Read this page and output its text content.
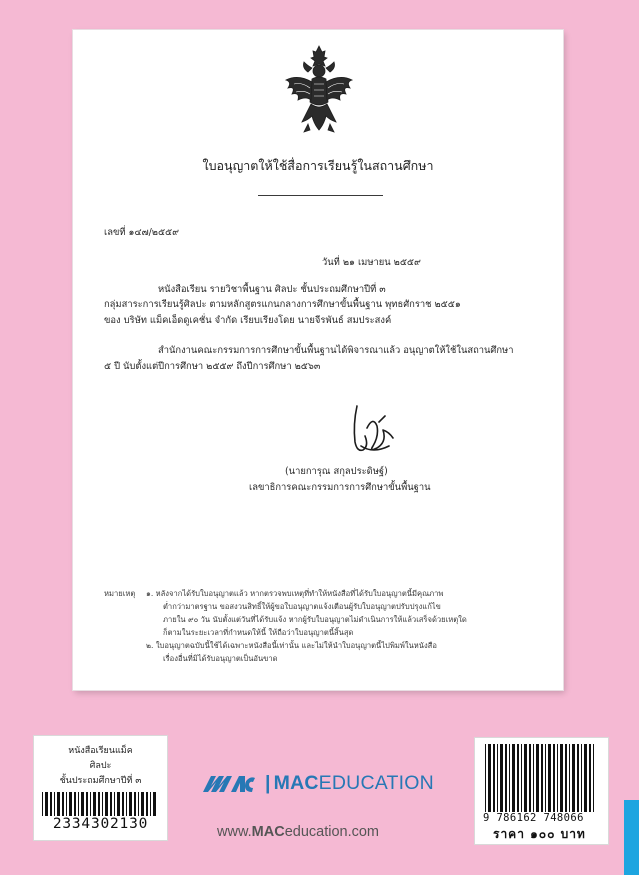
ใบอนุญาตให้ใช้สื่อการเรียนรู้ในสถานศึกษา
เลขที่ ๑๔๗/๒๕๕๙
วันที่ ๒๑ เมษายน ๒๕๕๙
หนังสือเรียน รายวิชาพื้นฐาน ศิลปะ ชั้นประถมศึกษาปีที่ ๓
กลุ่มสาระการเรียนรู้ศิลปะ ตามหลักสูตรแกนกลางการศึกษาขั้นพื้นฐาน พุทธศักราช ๒๕๕๑
ของ บริษัท แม็คเอ็ดดูเคชั่น จำกัด เรียบเรียงโดย นายจีรพันธ์ สมประสงค์
สำนักงานคณะกรรมการการศึกษาขั้นพื้นฐานได้พิจารณาแล้ว อนุญาตให้ใช้ในสถานศึกษา
๕ ปี นับตั้งแต่ปีการศึกษา ๒๕๕๙ ถึงปีการศึกษา ๒๕๖๓
(นายการุณ สกุลประดิษฐ์)
เลขาธิการคณะกรรมการการศึกษาขั้นพื้นฐาน
หมายเหตุ ๑. หลังจากได้รับใบอนุญาตแล้ว หากตรวจพบเหตุที่ทำให้หนังสือที่ได้รับใบอนุญาตนี้มีคุณภาพ
ต่ำกว่ามาตรฐาน ขอสงวนสิทธิ์ให้ผู้ขอใบอนุญาตแจ้งเตือนผู้รับใบอนุญาตปรับปรุงแก้ไข
ภายใน ๙๐ วัน นับตั้งแต่วันที่ได้รับแจ้ง หากผู้รับใบอนุญาตไม่ดำเนินการให้แล้วเสร็จด้วยเหตุใด
ก็ตามในระยะเวลาที่กำหนดให้นี้ ให้ถือว่าใบอนุญาตนี้สิ้นสุด
๒. ใบอนุญาตฉบับนี้ใช้ได้เฉพาะหนังสือนี้เท่านั้น และไม่ให้นำใบอนุญาตนี้ไปพิมพ์ในหนังสือ
เรื่องอื่นที่มิได้รับอนุญาตเป็นอันขาด
หนังสือเรียนแม็ค
ศิลปะ
ชั้นประถมศึกษาปีที่ ๓
2334302130
| MACEDUCATION
www.MACeducation.com
9 786162 748066
ราคา ๑๐๐ บาท
